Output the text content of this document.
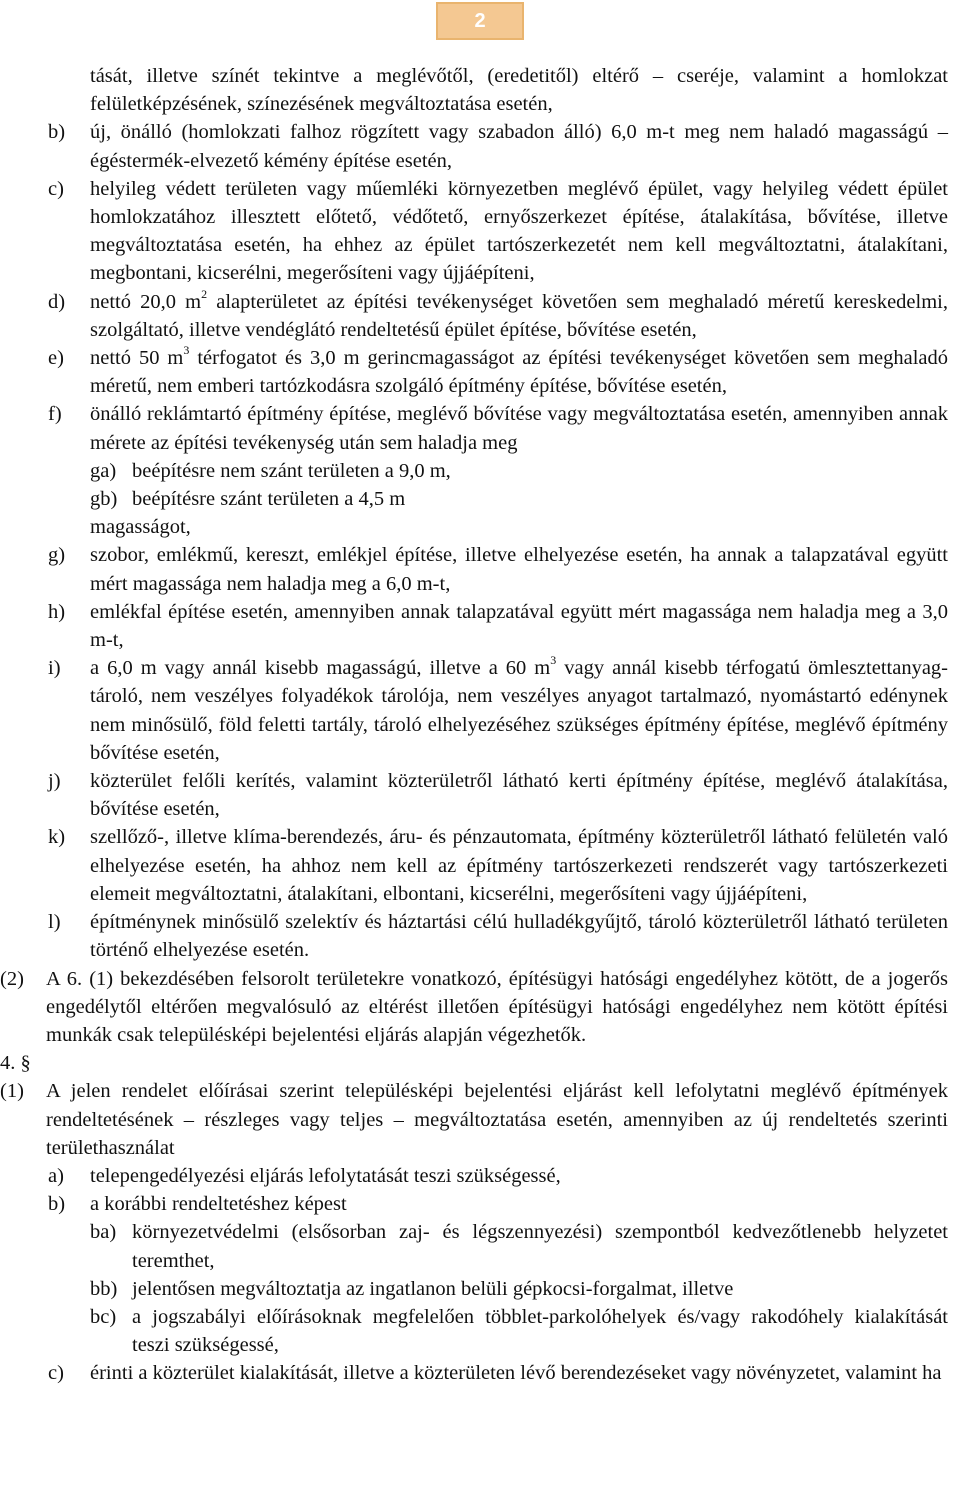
2
tását, illetve színét tekintve a meglévőtől, (eredetitől) eltérő – cseréje, valamint a homlokzat felületképzésének, színezésének megváltoztatása esetén,
b) új, önálló (homlokzati falhoz rögzített vagy szabadon álló) 6,0 m-t meg nem haladó magasságú – égéstermék-elvezető kémény építése esetén,
c) helyileg védett területen vagy műemléki környezetben meglévő épület, vagy helyileg védett épület homlokzatához illesztett előtető, védőtető, ernyőszerkezet építése, átalakítása, bővítése, illetve megváltoztatása esetén, ha ehhez az épület tartószerkezetét nem kell megváltoztatni, átalakítani, megbontani, kicserélni, megerősíteni vagy újjáépíteni,
d) nettó 20,0 $m^2$ alapterületet az építési tevékenységet követően sem meghaladó méretű kereskedelmi, szolgáltató, illetve vendéglátó rendeltetésű épület építése, bővítése esetén,
e) nettó 50 $m^3$ térfogatot és 3,0 m gerincmagasságot az építési tevékenységet követően sem meghaladó méretű, nem emberi tartózkodásra szolgáló építmény építése, bővítése esetén,
f) önálló reklámtartó építmény építése, meglévő bővítése vagy megváltoztatása esetén, amennyiben annak mérete az építési tevékenység után sem haladja meg
ga) beépítésre nem szánt területen a 9,0 m,
gb) beépítésre szánt területen a 4,5 m
magasságot,
g) szobor, emlékmű, kereszt, emlékjel építése, illetve elhelyezése esetén, ha annak a talapzatával együtt mért magassága nem haladja meg a 6,0 m-t,
h) emlékfal építése esetén, amennyiben annak talapzatával együtt mért magassága nem haladja meg a 3,0 m-t,
i) a 6,0 m vagy annál kisebb magasságú, illetve a 60 $m^3$ vagy annál kisebb térfogatú ömlesztettanyag-tároló, nem veszélyes folyadékok tárolója, nem veszélyes anyagot tartalmazó, nyomástartó edénynek nem minősülő, föld feletti tartály, tároló elhelyezéséhez szükséges építmény építése, meglévő építmény bővítése esetén,
j) közterület felőli kerítés, valamint közterületről látható kerti építmény építése, meglévő átalakítása, bővítése esetén,
k) szellőző-, illetve klíma-berendezés, áru- és pénzautomata, építmény közterületről látható felületén való elhelyezése esetén, ha ahhoz nem kell az építmény tartószerkezeti rendszerét vagy tartószerkezeti elemeit megváltoztatni, átalakítani, elbontani, kicserélni, megerősíteni vagy újjáépíteni,
l) építménynek minősülő szelektív és háztartási célú hulladékgyűjtő, tároló közterületről látható területen történő elhelyezése esetén.
(2) A 6. (1) bekezdésében felsorolt területekre vonatkozó, építésügyi hatósági engedélyhez kötött, de a jogerős engedélytől eltérően megvalósuló az eltérést illetően építésügyi hatósági engedélyhez nem kötött építési munkák csak településképi bejelentési eljárás alapján végezhetők.
4. §
(1) A jelen rendelet előírásai szerint településképi bejelentési eljárást kell lefolytatni meglévő építmények rendeltetésének – részleges vagy teljes – megváltoztatása esetén, amennyiben az új rendeltetés szerinti területhasználat
a) telepengedélyezési eljárás lefolytatását teszi szükségessé,
b) a korábbi rendeltetéshez képest
ba) környezetvédelmi (elsősorban zaj- és légszennyezési) szempontból kedvezőtlenebb helyzetet teremthet,
bb) jelentősen megváltoztatja az ingatlanon belüli gépkocsi-forgalmat, illetve
bc) a jogszabályi előírásoknak megfelelően többlet-parkolóhelyek és/vagy rakodóhely kialakítását teszi szükségessé,
c) érinti a közterület kialakítását, illetve a közterületen lévő berendezéseket vagy növényzetet, valamint ha
